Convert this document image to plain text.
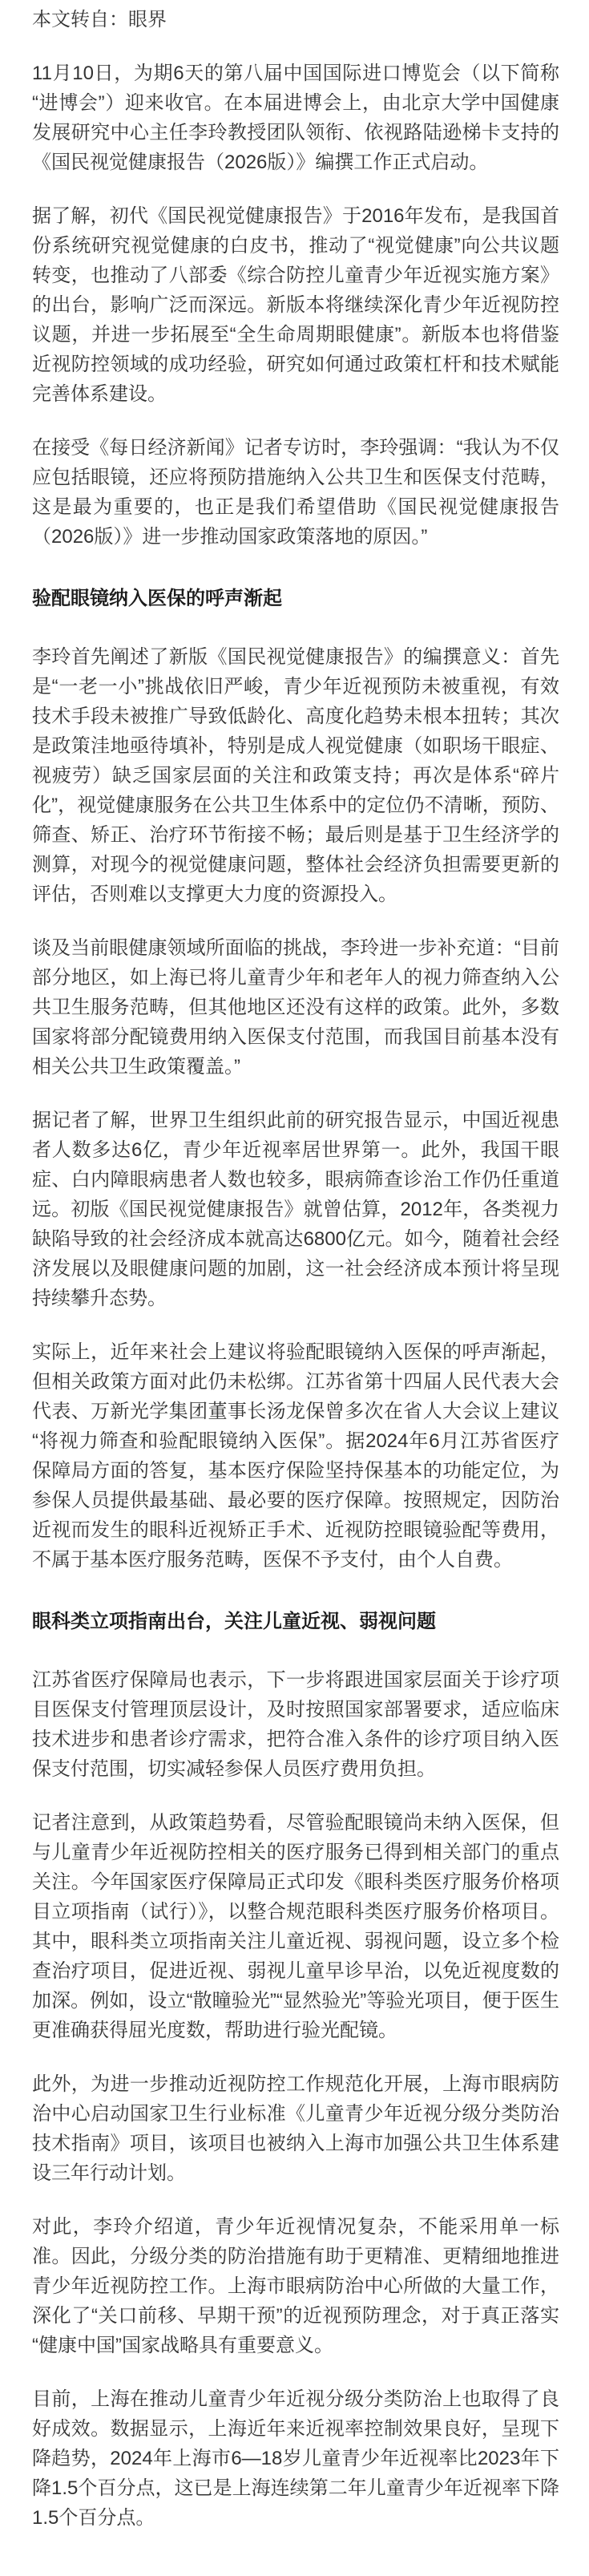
本文转自：眼界

11月10日，为期6天的第八届中国国际进口博览会（以下简称“进博会”）迎来收官。在本届进博会上，由北京大学中国健康发展研究中心主任李玲教授团队领衔、依视路陆逊梯卡支持的《国民视觉健康报告（2026版）》编撰工作正式启动。

据了解，初代《国民视觉健康报告》于2016年发布，是我国首份系统研究视觉健康的白皮书，推动了“视觉健康”向公共议题转变，也推动了八部委《综合防控儿童青少年近视实施方案》的出台，影响广泛而深远。新版本将继续深化青少年近视防控议题，并进一步拓展至“全生命周期眼健康”。新版本也将借鉴近视防控领域的成功经验，研究如何通过政策杠杆和技术赋能完善体系建设。

在接受《每日经济新闻》记者专访时，李玲强调：“我认为不仅应包括眼镜，还应将预防措施纳入公共卫生和医保支付范畴，这是最为重要的，也正是我们希望借助《国民视觉健康报告（2026版）》进一步推动国家政策落地的原因。”

验配眼镜纳入医保的呼声渐起

李玲首先阐述了新版《国民视觉健康报告》的编撰意义：首先是“一老一小”挑战依旧严峻，青少年近视预防未被重视，有效技术手段未被推广导致低龄化、高度化趋势未根本扭转；其次是政策洼地亟待填补，特别是成人视觉健康（如职场干眼症、视疲劳）缺乏国家层面的关注和政策支持；再次是体系“碎片化”，视觉健康服务在公共卫生体系中的定位仍不清晰，预防、筛查、矫正、治疗环节衔接不畅；最后则是基于卫生经济学的测算，对现今的视觉健康问题，整体社会经济负担需要更新的评估，否则难以支撑更大力度的资源投入。

谈及当前眼健康领域所面临的挑战，李玲进一步补充道：“目前部分地区，如上海已将儿童青少年和老年人的视力筛查纳入公共卫生服务范畴，但其他地区还没有这样的政策。此外，多数国家将部分配镜费用纳入医保支付范围，而我国目前基本没有相关公共卫生政策覆盖。”

据记者了解，世界卫生组织此前的研究报告显示，中国近视患者人数多达6亿，青少年近视率居世界第一。此外，我国干眼症、白内障眼病患者人数也较多，眼病筛查诊治工作仍任重道远。初版《国民视觉健康报告》就曾估算，2012年，各类视力缺陷导致的社会经济成本就高达6800亿元。如今，随着社会经济发展以及眼健康问题的加剧，这一社会经济成本预计将呈现持续攀升态势。

实际上，近年来社会上建议将验配眼镜纳入医保的呼声渐起，但相关政策方面对此仍未松绑。江苏省第十四届人民代表大会代表、万新光学集团董事长汤龙保曾多次在省人大会议上建议“将视力筛查和验配眼镜纳入医保”。据2024年6月江苏省医疗保障局方面的答复，基本医疗保险坚持保基本的功能定位，为参保人员提供最基础、最必要的医疗保障。按照规定，因防治近视而发生的眼科近视矫正手术、近视防控眼镜验配等费用，不属于基本医疗服务范畴，医保不予支付，由个人自费。

眼科类立项指南出台，关注儿童近视、弱视问题

江苏省医疗保障局也表示，下一步将跟进国家层面关于诊疗项目医保支付管理顶层设计，及时按照国家部署要求，适应临床技术进步和患者诊疗需求，把符合准入条件的诊疗项目纳入医保支付范围，切实减轻参保人员医疗费用负担。

记者注意到，从政策趋势看，尽管验配眼镜尚未纳入医保，但与儿童青少年近视防控相关的医疗服务已得到相关部门的重点关注。今年国家医疗保障局正式印发《眼科类医疗服务价格项目立项指南（试行）》，以整合规范眼科类医疗服务价格项目。其中，眼科类立项指南关注儿童近视、弱视问题，设立多个检查治疗项目，促进近视、弱视儿童早诊早治，以免近视度数的加深。例如，设立“散瞳验光”“显然验光”等验光项目，便于医生更准确获得屈光度数，帮助进行验光配镜。

此外，为进一步推动近视防控工作规范化开展，上海市眼病防治中心启动国家卫生行业标准《儿童青少年近视分级分类防治技术指南》项目，该项目也被纳入上海市加强公共卫生体系建设三年行动计划。

对此，李玲介绍道，青少年近视情况复杂，不能采用单一标准。因此，分级分类的防治措施有助于更精准、更精细地推进青少年近视防控工作。上海市眼病防治中心所做的大量工作，深化了“关口前移、早期干预”的近视预防理念，对于真正落实“健康中国”国家战略具有重要意义。

目前，上海在推动儿童青少年近视分级分类防治上也取得了良好成效。数据显示，上海近年来近视率控制效果良好，呈现下降趋势，2024年上海市6—18岁儿童青少年近视率比2023年下降1.5个百分点，这已是上海连续第二年儿童青少年近视率下降1.5个百分点。
